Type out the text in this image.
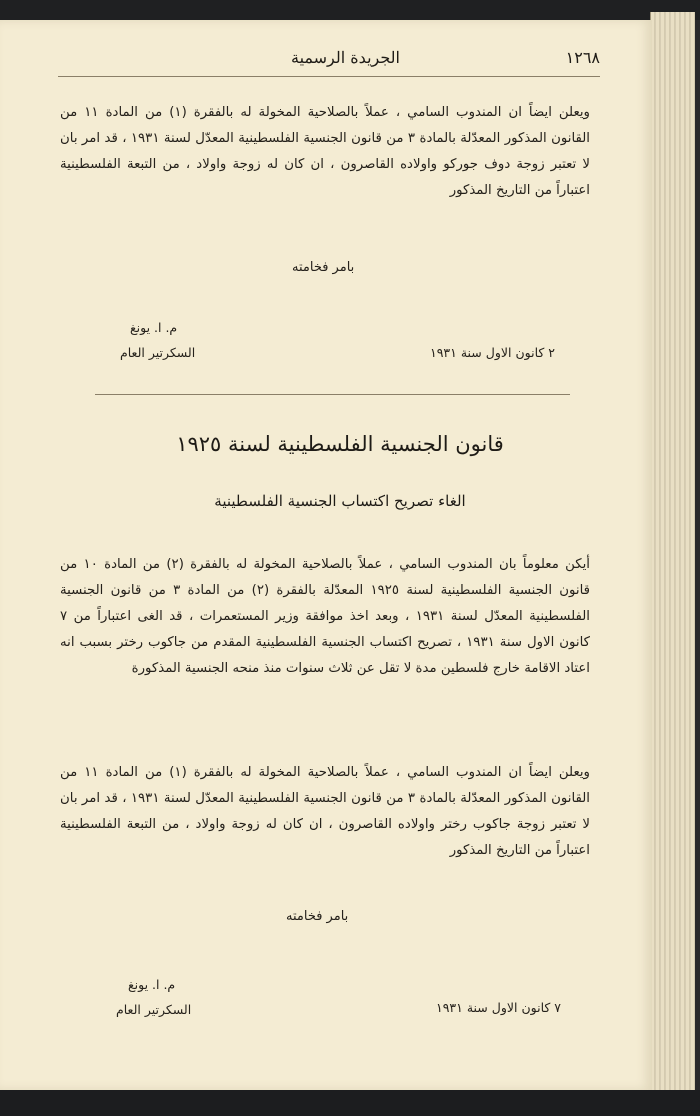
١٢٦٨
الجريدة الرسمية
ويعلن ايضاً ان المندوب السامي ، عملاً بالصلاحية المخولة له بالفقرة (١) من المادة ١١ من القانون المذكور المعدّلة بالمادة ٣ من قانون الجنسية الفلسطينية المعدّل لسنة ١٩٣١ ، قد امر بان لا تعتبر زوجة دوف جوركو واولاده القاصرون ، ان كان له زوجة واولاد ، من التبعة الفلسطينية اعتباراً من التاريخ المذكور
بامر فخامته
٢ كانون الاول سنة ١٩٣١
م. ا. يونغ
السكرتير العام
قانون الجنسية الفلسطينية لسنة ١٩٢٥
الغاء تصريح اكتساب الجنسية الفلسطينية
أيكن معلوماً بان المندوب السامي ، عملاً بالصلاحية المخولة له بالفقرة (٢) من المادة ١٠ من قانون الجنسية الفلسطينية لسنة ١٩٢٥ المعدّلة بالفقرة (٢) من المادة ٣ من قانون الجنسية الفلسطينية المعدّل لسنة ١٩٣١ ، وبعد اخذ موافقة وزير المستعمرات ، قد الغى اعتباراً من ٧ كانون الاول سنة ١٩٣١ ، تصريح اكتساب الجنسية الفلسطينية المقدم من جاكوب رختر بسبب انه اعتاد الاقامة خارج فلسطين مدة لا تقل عن ثلاث سنوات منذ منحه الجنسية المذكورة
ويعلن ايضاً ان المندوب السامي ، عملاً بالصلاحية المخولة له بالفقرة (١) من المادة ١١ من القانون المذكور المعدّلة بالمادة ٣ من قانون الجنسية الفلسطينية المعدّل لسنة ١٩٣١ ، قد امر بان لا تعتبر زوجة جاكوب رختر واولاده القاصرون ، ان كان له زوجة واولاد ، من التبعة الفلسطينية اعتباراً من التاريخ المذكور
بامر فخامته
٧ كانون الاول سنة ١٩٣١
م. ا. يونغ
السكرتير العام
